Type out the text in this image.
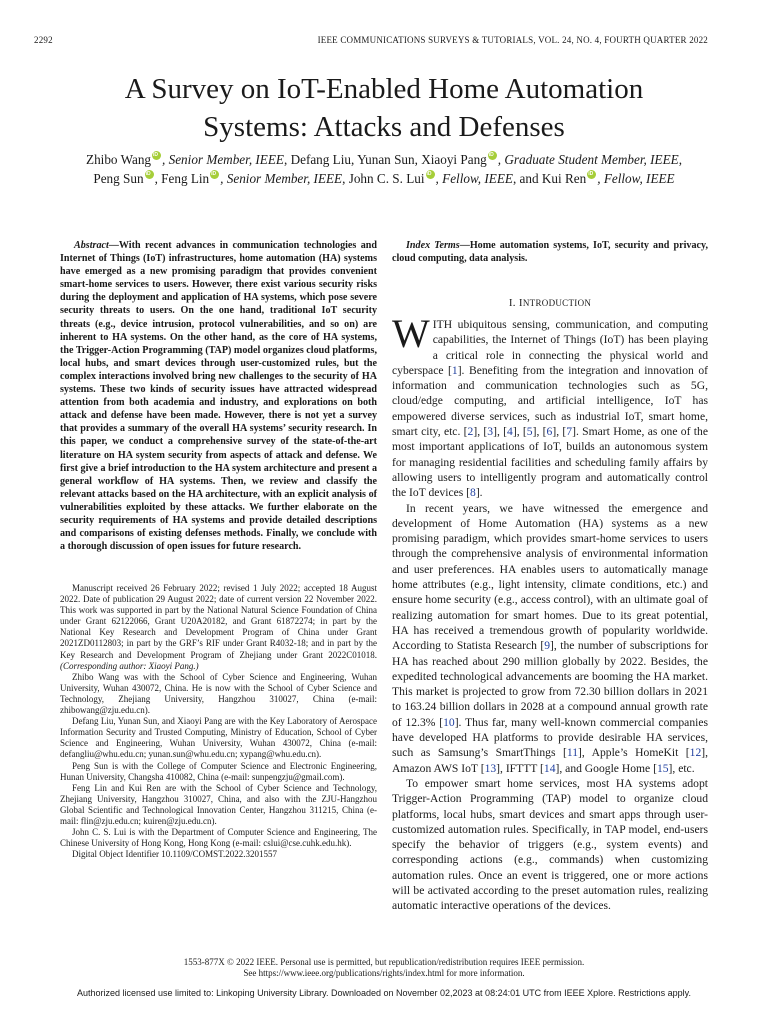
2292	IEEE COMMUNICATIONS SURVEYS & TUTORIALS, VOL. 24, NO. 4, FOURTH QUARTER 2022
A Survey on IoT-Enabled Home Automation
Systems: Attacks and Defenses
Zhibo Wang iD , Senior Member, IEEE, Defang Liu, Yunan Sun, Xiaoyi Pang iD , Graduate Student Member, IEEE,
Peng Sun iD , Feng Lin iD , Senior Member, IEEE, John C. S. Lui iD , Fellow, IEEE, and Kui Ren iD , Fellow, IEEE
Abstract—With recent advances in communication technologies and Internet of Things (IoT) infrastructures, home automation (HA) systems have emerged as a new promising paradigm that provides convenient smart-home services to users. However, there exist various security risks during the deployment and application of HA systems, which pose severe security threats to users. On the one hand, traditional IoT security threats (e.g., device intrusion, protocol vulnerabilities, and so on) are inherent to HA systems. On the other hand, as the core of HA systems, the Trigger-Action Programming (TAP) model organizes cloud platforms, local hubs, and smart devices through user-customized rules, but the complex interactions involved bring new challenges to the security of HA systems. These two kinds of security issues have attracted widespread attention from both academia and industry, and explorations on both attack and defense have been made. However, there is not yet a survey that provides a summary of the overall HA systems’ security research. In this paper, we conduct a comprehensive survey of the state-of-the-art literature on HA system security from aspects of attack and defense. We first give a brief introduction to the HA system architecture and present a general workflow of HA systems. Then, we review and classify the relevant attacks based on the HA architecture, with an explicit analysis of vulnerabilities exploited by these attacks. We further elaborate on the security requirements of HA systems and provide detailed descriptions and comparisons of existing defenses methods. Finally, we conclude with a thorough discussion of open issues for future research.
Index Terms—Home automation systems, IoT, security and privacy, cloud computing, data analysis.
I. INTRODUCTION

WITH ubiquitous sensing, communication, and computing capabilities, the Internet of Things (IoT) has been playing a critical role in connecting the physical world and cyberspace [1]. Benefiting from the integration and innovation of information and communication technologies such as 5G, cloud/edge computing, and artificial intelligence, IoT has empowered diverse services, such as industrial IoT, smart home, smart city, etc. [2], [3], [4], [5], [6], [7]. Smart Home, as one of the most important applications of IoT, builds an autonomous system for managing residential facilities and scheduling family affairs by allowing users to intelligently program and automatically control the IoT devices [8].

In recent years, we have witnessed the emergence and development of Home Automation (HA) systems as a new promising paradigm, which provides smart-home services to users through the comprehensive analysis of environmental information and user preferences. HA enables users to automatically manage home attributes (e.g., light intensity, climate conditions, etc.) and ensure home security (e.g., access control), with an ultimate goal of realizing automation for smart homes. Due to its great potential, HA has received a tremendous growth of popularity worldwide. According to Statista Research [9], the number of subscriptions for HA has reached about 290 million globally by 2022. Besides, the expedited technological advancements are booming the HA market. This market is projected to grow from 72.30 billion dollars in 2021 to 163.24 billion dollars in 2028 at a compound annual growth rate of 12.3% [10]. Thus far, many well-known commercial companies have developed HA platforms to provide desirable HA services, such as Samsung’s SmartThings [11], Apple’s HomeKit [12], Amazon AWS IoT [13], IFTTT [14], and Google Home [15], etc.

To empower smart home services, most HA systems adopt Trigger-Action Programming (TAP) model to organize cloud platforms, local hubs, smart devices and smart apps through user-customized automation rules. Specifically, in TAP model, end-users specify the behavior of triggers (e.g., system events) and corresponding actions (e.g., commands) when customizing automation rules. Once an event is triggered, one or more actions will be activated according to the preset automation rules, realizing automatic interactive operations of the devices.

Manuscript received 26 February 2022; revised 1 July 2022; accepted 18 August 2022. Date of publication 29 August 2022; date of current version 22 November 2022. This work was supported in part by the National Natural Science Foundation of China under Grant 62122066, Grant U20A20182, and Grant 61872274; in part by the National Key Research and Development Program of China under Grant 2021ZD0112803; in part by the GRF’s RIF under Grant R4032-18; and in part by the Key Research and Development Program of Zhejiang under Grant 2022C01018. (Corresponding author: Xiaoyi Pang.)

Zhibo Wang was with the School of Cyber Science and Engineering, Wuhan University, Wuhan 430072, China. He is now with the School of Cyber Science and Technology, Zhejiang University, Hangzhou 310027, China (e-mail: zhibowang@zju.edu.cn).

Defang Liu, Yunan Sun, and Xiaoyi Pang are with the Key Laboratory of Aerospace Information Security and Trusted Computing, Ministry of Education, School of Cyber Science and Engineering, Wuhan University, Wuhan 430072, China (e-mail: defangliu@whu.edu.cn; yunan.sun@whu.edu.cn; xypang@whu.edu.cn).

Peng Sun is with the College of Computer Science and Electronic Engineering, Hunan University, Changsha 410082, China (e-mail: sunpengzju@gmail.com).

Feng Lin and Kui Ren are with the School of Cyber Science and Technology, Zhejiang University, Hangzhou 310027, China, and also with the ZJU-Hangzhou Global Scientific and Technological Innovation Center, Hangzhou 311215, China (e-mail: flin@zju.edu.cn; kuiren@zju.edu.cn).

John C. S. Lui is with the Department of Computer Science and Engineering, The Chinese University of Hong Kong, Hong Kong (e-mail: cslui@cse.cuhk.edu.hk).

Digital Object Identifier 10.1109/COMST.2022.3201557

1553-877X © 2022 IEEE. Personal use is permitted, but republication/redistribution requires IEEE permission.
See https://www.ieee.org/publications/rights/index.html for more information.
Authorized licensed use limited to: Linkoping University Library. Downloaded on November 02,2023 at 08:24:01 UTC from IEEE Xplore. Restrictions apply.
